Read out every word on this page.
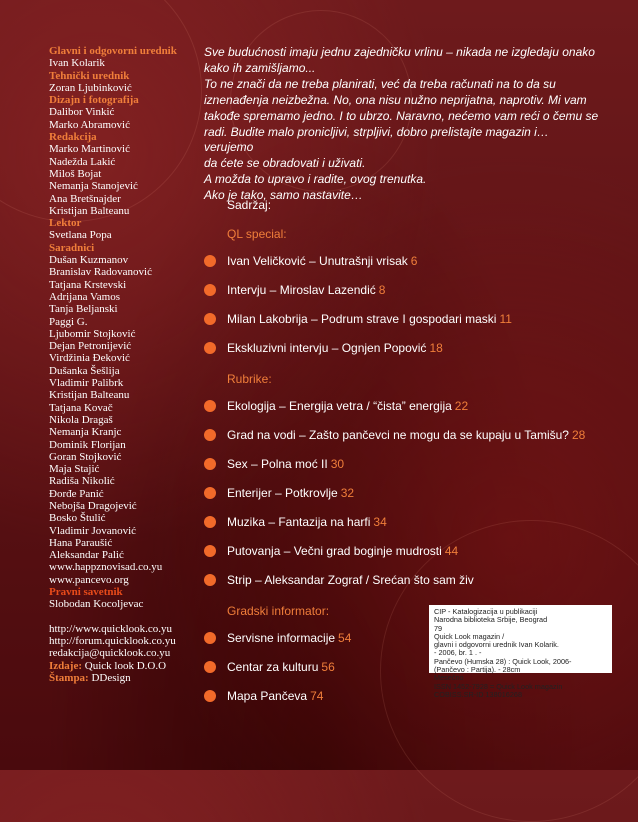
Glavni i odgovorni urednik
Ivan Kolarik
Tehnički urednik
Zoran Ljubinković
Dizajn i fotografija
Dalibor Vinkić
Marko Abramović
Redakcija
Marko Martinović
Nadežda Lakić
Miloš Bojat
Nemanja Stanojević
Ana Bretšnajder
Kristijan Balteanu
Lektor
Svetlana Popa
Saradnici
Dušan Kuzmanov
Branislav Radovanović
Tatjana Krstevski
Adrijana Vamos
Tanja Beljanski
Paggi G.
Ljubomir Stojković
Dejan Petronijević
Virdžinia Đeković
Dušanka Šešlija
Vladimir Palibrk
Kristijan Balteanu
Tatjana Kovač
Nikola Dragaš
Nemanja Kranjc
Dominik Florijan
Goran Stojković
Maja Stajić
Radiša Nikolić
Đorđe Panić
Nebojša Dragojević
Bosko Štulić
Vladimir Jovanović
Hana Paraušić
Aleksandar Palić
www.happznovisad.co.yu
www.pancevo.org
Pravni savetnik
Slobodan Kocoljevac
http://www.quicklook.co.yu
http://forum.quicklook.co.yu
redakcija@quicklook.co.yu
Izdaje: Quick look D.O.O
Štampa: DDesign

Sve budućnosti imaju jednu zajedničku vrlinu – nikada ne izgledaju onako

kako ih zamišljamo...

To ne znači da ne treba planirati, već da treba računati na to da su

iznenađenja neizbežna. No, ona nisu nužno neprijatna, naprotiv. Mi vam

takođe spremamo jedno. I to ubrzo. Naravno, nećemo vam reći o čemu se

radi. Budite malo pronicljivi, strpljivi, dobro prelistajte magazin i… verujemo

da ćete se obradovati i uživati.

A možda to upravo i radite, ovog trenutka.

Ako je tako, samo nastavite…

Sadržaj:
QL special:
Ivan Veličković – Unutrašnji vrisak 6
Intervju – Miroslav Lazendić 8
Milan Lakobrija – Podrum strave I gospodari maski 11
Ekskluzivni intervju – Ognjen Popović 18
Rubrike:
Ekologija – Energija vetra / “čista” energija 22
Grad na vodi – Zašto pančevci ne mogu da se kupaju u Tamišu? 28
Sex – Polna moć II 30
Enterijer – Potkrovlje 32
Muzika – Fantazija na harfi 34
Putovanja – Večni grad boginje mudrosti 44
Strip – Aleksandar Zograf / Srećan što sam živ
Gradski informator:
Servisne informacije 54
Centar za kulturu 56
Mapa Pančeva 74
CIP - Katalogizacija u publikaciji
Narodna biblioteka Srbije, Beograd
79
Quick Look magazin /
glavni i odgovorni urednik Ivan Kolarik.
- 2006, br. 1 . -
Pančevo (Humska 28) : Quick Look, 2006-
(Pančevo : Partija). - 28cm
Mesečno
ISSN 1452-7928 = Quick Look magazin
COBISS.SR-ID 138016268
